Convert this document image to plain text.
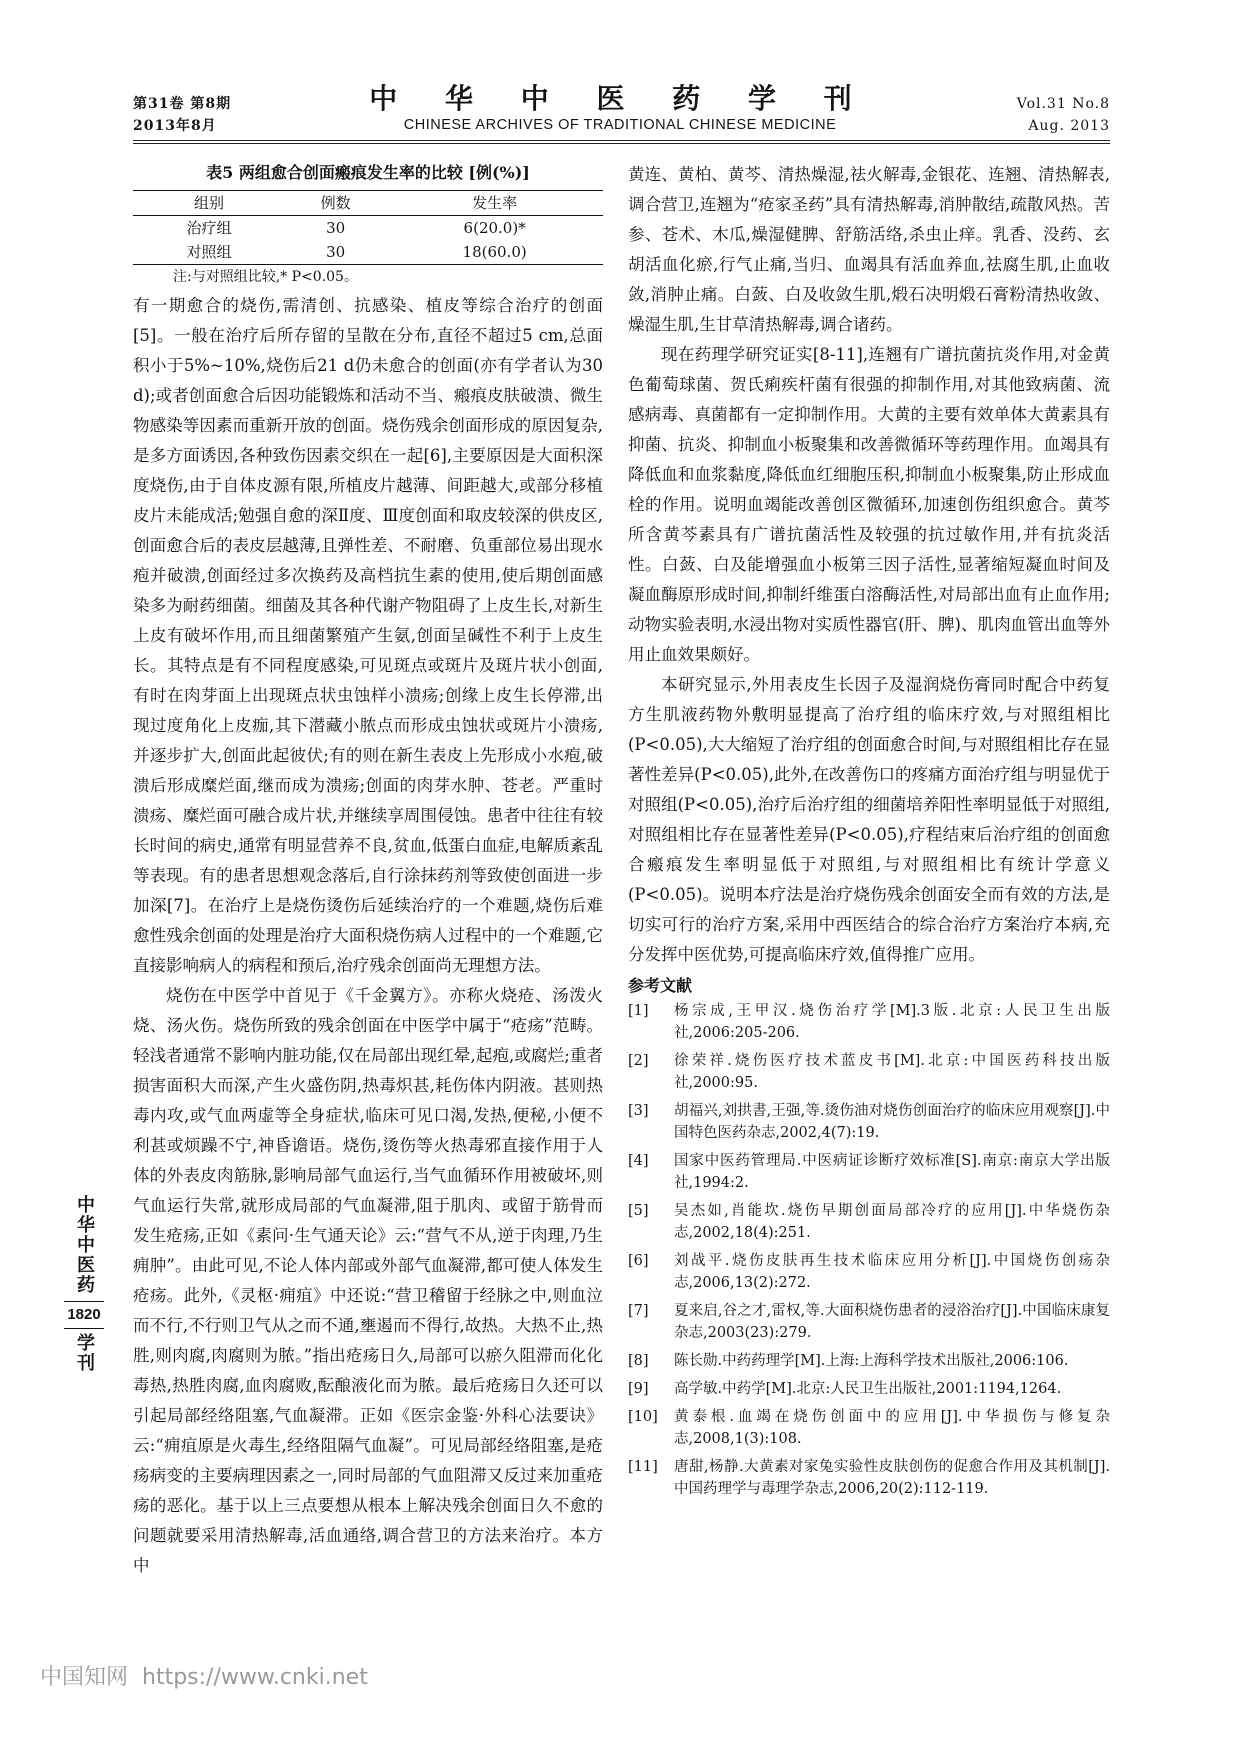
第31卷 第8期
2013年8月
中 华 中 医 药 学 刊
CHINESE ARCHIVES OF TRADITIONAL CHINESE MEDICINE
Vol.31 No.8
Aug. 2013
表5 两组愈合创面瘢痕发生率的比较 [例(%)]
组别	例数	发生率
治疗组	30	6(20.0)*
对照组	30	18(60.0)
注:与对照组比较,* P<0.05。

有一期愈合的烧伤,需清创、抗感染、植皮等综合治疗的创面[5]。一般在治疗后所存留的呈散在分布,直径不超过5 cm,总面积小于5%~10%,烧伤后21 d仍未愈合的创面(亦有学者认为30 d);或者创面愈合后因功能锻炼和活动不当、瘢痕皮肤破溃、微生物感染等因素而重新开放的创面。烧伤残余创面形成的原因复杂,是多方面诱因,各种致伤因素交织在一起[6],主要原因是大面积深度烧伤,由于自体皮源有限,所植皮片越薄、间距越大,或部分移植皮片未能成活;勉强自愈的深Ⅱ度、Ⅲ度创面和取皮较深的供皮区,创面愈合后的表皮层越薄,且弹性差、不耐磨、负重部位易出现水疱并破溃,创面经过多次换药及高档抗生素的使用,使后期创面感染多为耐药细菌。细菌及其各种代谢产物阻碍了上皮生长,对新生上皮有破坏作用,而且细菌繁殖产生氨,创面呈碱性不利于上皮生长。其特点是有不同程度感染,可见斑点或斑片及斑片状小创面,有时在肉芽面上出现斑点状虫蚀样小溃疡;创缘上皮生长停滞,出现过度角化上皮痂,其下潜藏小脓点而形成虫蚀状或斑片小溃疡,并逐步扩大,创面此起彼伏;有的则在新生表皮上先形成小水疱,破溃后形成糜烂面,继而成为溃疡;创面的肉芽水肿、苍老。严重时溃疡、糜烂面可融合成片状,并继续享周围侵蚀。患者中往往有较长时间的病史,通常有明显营养不良,贫血,低蛋白血症,电解质紊乱等表现。有的患者思想观念落后,自行涂抹药剂等致使创面进一步加深[7]。在治疗上是烧伤烫伤后延续治疗的一个难题,烧伤后难愈性残余创面的处理是治疗大面积烧伤病人过程中的一个难题,它直接影响病人的病程和预后,治疗残余创面尚无理想方法。

烧伤在中医学中首见于《千金翼方》。亦称火烧疮、汤泼火烧、汤火伤。烧伤所致的残余创面在中医学中属于“疮疡”范畴。轻浅者通常不影响内脏功能,仅在局部出现红晕,起疱,或腐烂;重者损害面积大而深,产生火盛伤阴,热毒炽甚,耗伤体内阴液。甚则热毒内攻,或气血两虚等全身症状,临床可见口渴,发热,便秘,小便不利甚或烦躁不宁,神昏谵语。烧伤,烫伤等火热毒邪直接作用于人体的外表皮肉筋脉,影响局部气血运行,当气血循环作用被破坏,则气血运行失常,就形成局部的气血凝滞,阻于肌肉、或留于筋骨而发生疮疡,正如《素问·生气通天论》云:“营气不从,逆于肉理,乃生痈肿”。由此可见,不论人体内部或外部气血凝滞,都可使人体发生疮疡。此外,《灵枢·痈疽》中还说:“营卫稽留于经脉之中,则血泣而不行,不行则卫气从之而不通,壅遏而不得行,故热。大热不止,热胜,则肉腐,肉腐则为脓。”指出疮疡日久,局部可以瘀久阻滞而化化毒热,热胜肉腐,血肉腐败,酝酿液化而为脓。最后疮疡日久还可以引起局部经络阻塞,气血凝滞。正如《医宗金鉴·外科心法要诀》云:“痈疽原是火毒生,经络阻隔气血凝”。可见局部经络阻塞,是疮疡病变的主要病理因素之一,同时局部的气血阻滞又反过来加重疮疡的恶化。基于以上三点要想从根本上解决残余创面日久不愈的问题就要采用清热解毒,活血通络,调合营卫的方法来治疗。本方中

黄连、黄柏、黄芩、清热燥湿,祛火解毒,金银花、连翘、清热解表,调合营卫,连翘为“疮家圣药”具有清热解毒,消肿散结,疏散风热。苦参、苍术、木瓜,燥湿健脾、舒筋活络,杀虫止痒。乳香、没药、玄胡活血化瘀,行气止痛,当归、血竭具有活血养血,祛腐生肌,止血收敛,消肿止痛。白蔹、白及收敛生肌,煅石决明煅石膏粉清热收敛、燥湿生肌,生甘草清热解毒,调合诸药。

现在药理学研究证实[8-11],连翘有广谱抗菌抗炎作用,对金黄色葡萄球菌、贺氏痢疾杆菌有很强的抑制作用,对其他致病菌、流感病毒、真菌都有一定抑制作用。大黄的主要有效单体大黄素具有抑菌、抗炎、抑制血小板聚集和改善微循环等药理作用。血竭具有降低血和血浆黏度,降低血红细胞压积,抑制血小板聚集,防止形成血栓的作用。说明血竭能改善创区微循环,加速创伤组织愈合。黄芩所含黄芩素具有广谱抗菌活性及较强的抗过敏作用,并有抗炎活性。白蔹、白及能增强血小板第三因子活性,显著缩短凝血时间及凝血酶原形成时间,抑制纤维蛋白溶酶活性,对局部出血有止血作用;动物实验表明,水浸出物对实质性器官(肝、脾)、肌肉血管出血等外用止血效果颇好。

本研究显示,外用表皮生长因子及湿润烧伤膏同时配合中药复方生肌液药物外敷明显提高了治疗组的临床疗效,与对照组相比(P<0.05),大大缩短了治疗组的创面愈合时间,与对照组相比存在显著性差异(P<0.05),此外,在改善伤口的疼痛方面治疗组与明显优于对照组(P<0.05),治疗后治疗组的细菌培养阳性率明显低于对照组,对照组相比存在显著性差异(P<0.05),疗程结束后治疗组的创面愈合瘢痕发生率明显低于对照组,与对照组相比有统计学意义(P<0.05)。说明本疗法是治疗烧伤残余创面安全而有效的方法,是切实可行的治疗方案,采用中西医结合的综合治疗方案治疗本病,充分发挥中医优势,可提高临床疗效,值得推广应用。

参考文献
[1]	杨宗成,王甲汉.烧伤治疗学[M].3版.北京:人民卫生出版社,2006:205-206.
[2]	徐荣祥.烧伤医疗技术蓝皮书[M].北京:中国医药科技出版社,2000:95.
[3]	胡福兴,刘拱書,王强,等.烫伤油对烧伤创面治疗的临床应用观察[J].中国特色医药杂志,2002,4(7):19.
[4]	国家中医药管理局.中医病证诊断疗效标准[S].南京:南京大学出版社,1994:2.
[5]	吴杰如,肖能坎.烧伤早期创面局部冷疗的应用[J].中华烧伤杂志,2002,18(4):251.
[6]	刘战平.烧伤皮肤再生技术临床应用分析[J].中国烧伤创疡杂志,2006,13(2):272.
[7]	夏来启,谷之才,雷权,等.大面积烧伤患者的浸浴治疗[J].中国临床康复杂志,2003(23):279.
[8]	陈长勋.中药药理学[M].上海:上海科学技术出版社,2006:106.
[9]	高学敏.中药学[M].北京:人民卫生出版社,2001:1194,1264.
[10]	黄泰根.血竭在烧伤创面中的应用[J].中华损伤与修复杂志,2008,1(3):108.
[11]	唐甜,杨静.大黄素对家兔实验性皮肤创伤的促愈合作用及其机制[J].中国药理学与毒理学杂志,2006,20(2):112-119.
中华中医药
1820
学刊
中国知网 https://www.cnki.net
